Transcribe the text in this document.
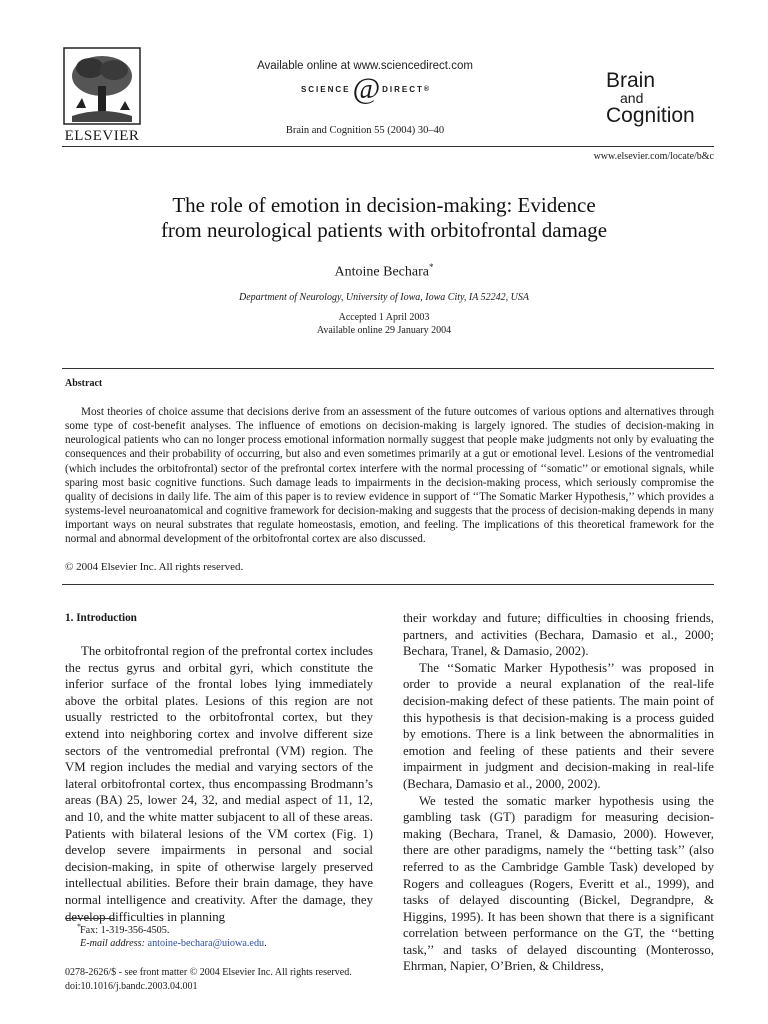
ELSEVIER
Available online at www.sciencedirect.com
SCIENCE @ DIRECT ®
Brain and Cognition 55 (2004) 30–40
Brain
and
Cognition
www.elsevier.com/locate/b&c
The role of emotion in decision-making: Evidence
from neurological patients with orbitofrontal damage
Antoine Bechara*
Department of Neurology, University of Iowa, Iowa City, IA 52242, USA
Accepted 1 April 2003
Available online 29 January 2004
Abstract
Most theories of choice assume that decisions derive from an assessment of the future outcomes of various options and alternatives through some type of cost-benefit analyses. The influence of emotions on decision-making is largely ignored. The studies of decision-making in neurological patients who can no longer process emotional information normally suggest that people make judgments not only by evaluating the consequences and their probability of occurring, but also and even sometimes primarily at a gut or emotional level. Lesions of the ventromedial (which includes the orbitofrontal) sector of the prefrontal cortex interfere with the normal processing of ‘‘somatic’’ or emotional signals, while sparing most basic cognitive functions. Such damage leads to impairments in the decision-making process, which seriously compromise the quality of decisions in daily life. The aim of this paper is to review evidence in support of ‘‘The Somatic Marker Hypothesis,’’ which provides a systems-level neuroanatomical and cognitive framework for decision-making and suggests that the process of decision-making depends in many important ways on neural substrates that regulate homeostasis, emotion, and feeling. The implications of this theoretical framework for the normal and abnormal development of the orbitofrontal cortex are also discussed.
© 2004 Elsevier Inc. All rights reserved.
1. Introduction
The orbitofrontal region of the prefrontal cortex includes the rectus gyrus and orbital gyri, which constitute the inferior surface of the frontal lobes lying immediately above the orbital plates. Lesions of this region are not usually restricted to the orbitofrontal cortex, but they extend into neighboring cortex and involve different size sectors of the ventromedial prefrontal (VM) region. The VM region includes the medial and varying sectors of the lateral orbitofrontal cortex, thus encompassing Brodmann’s areas (BA) 25, lower 24, 32, and medial aspect of 11, 12, and 10, and the white matter subjacent to all of these areas. Patients with bilateral lesions of the VM cortex (Fig. 1) develop severe impairments in personal and social decision-making, in spite of otherwise largely preserved intellectual abilities. Before their brain damage, they have normal intelligence and creativity. After the damage, they develop difficulties in planning

their workday and future; difficulties in choosing friends, partners, and activities (Bechara, Damasio et al., 2000; Bechara, Tranel, & Damasio, 2002).

The ‘‘Somatic Marker Hypothesis’’ was proposed in order to provide a neural explanation of the real-life decision-making defect of these patients. The main point of this hypothesis is that decision-making is a process guided by emotions. There is a link between the abnormalities in emotion and feeling of these patients and their severe impairment in judgment and decision-making in real-life (Bechara, Damasio et al., 2000, 2002).

We tested the somatic marker hypothesis using the gambling task (GT) paradigm for measuring decision-making (Bechara, Tranel, & Damasio, 2000). However, there are other paradigms, namely the ‘‘betting task’’ (also referred to as the Cambridge Gamble Task) developed by Rogers and colleagues (Rogers, Everitt et al., 1999), and tasks of delayed discounting (Bickel, Degrandpre, & Higgins, 1995). It has been shown that there is a significant correlation between performance on the GT, the ‘‘betting task,’’ and tasks of delayed discounting (Monterosso, Ehrman, Napier, O’Brien, & Childress,

* Fax: 1-319-356-4505.
E-mail address: antoine-bechara@uiowa.edu.
0278-2626/$ - see front matter © 2004 Elsevier Inc. All rights reserved.
doi:10.1016/j.bandc.2003.04.001
